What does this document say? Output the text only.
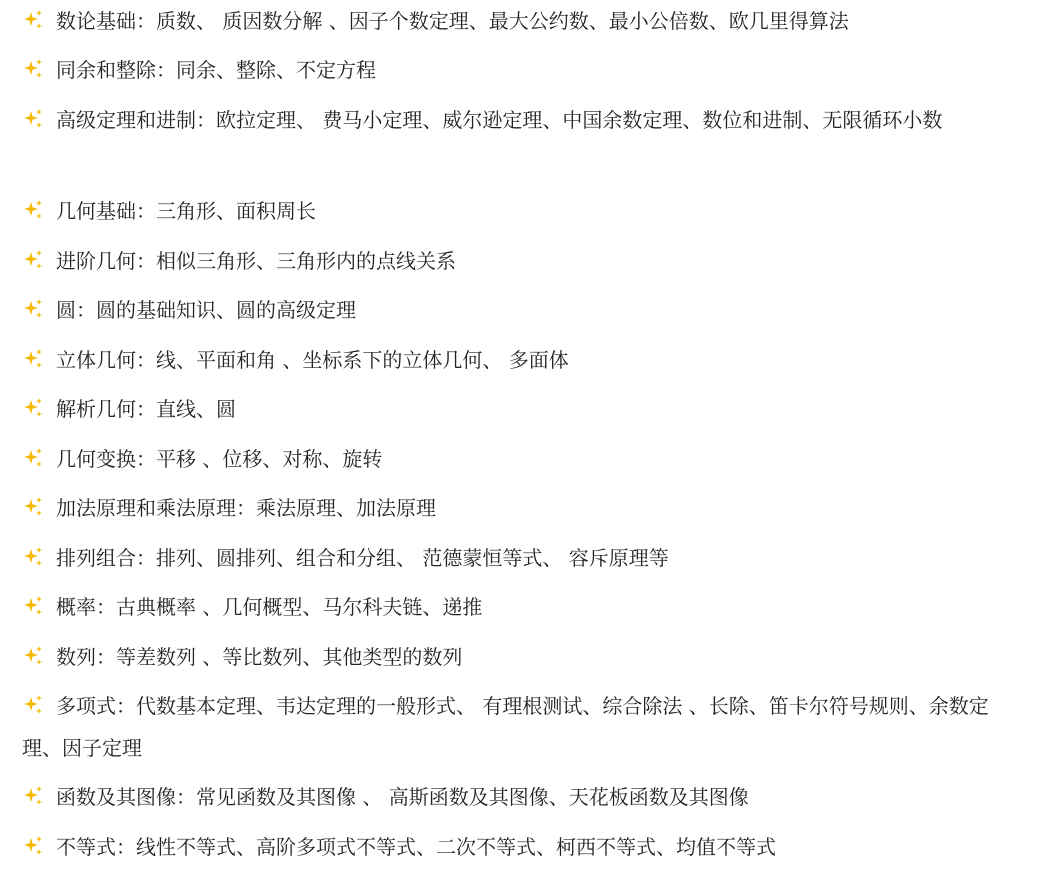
数论基础：质数、 质因数分解 、因子个数定理、最大公约数、最小公倍数、欧几里得算法
同余和整除：同余、整除、不定方程
高级定理和进制：欧拉定理、 费马小定理、威尔逊定理、中国余数定理、数位和进制、无限循环小数
几何基础：三角形、面积周长
进阶几何：相似三角形、三角形内的点线关系
圆：圆的基础知识、圆的高级定理
立体几何：线、平面和角 、坐标系下的立体几何、 多面体
解析几何：直线、圆
几何变换：平移 、位移、对称、旋转
加法原理和乘法原理：乘法原理、加法原理
排列组合：排列、圆排列、组合和分组、 范德蒙恒等式、 容斥原理等
概率：古典概率 、几何概型、马尔科夫链、递推
数列：等差数列 、等比数列、其他类型的数列
多项式：代数基本定理、韦达定理的一般形式、 有理根测试、综合除法 、长除、笛卡尔符号规则、余数定理、因子定理
函数及其图像：常见函数及其图像 、 高斯函数及其图像、天花板函数及其图像
不等式：线性不等式、高阶多项式不等式、二次不等式、柯西不等式、均值不等式
